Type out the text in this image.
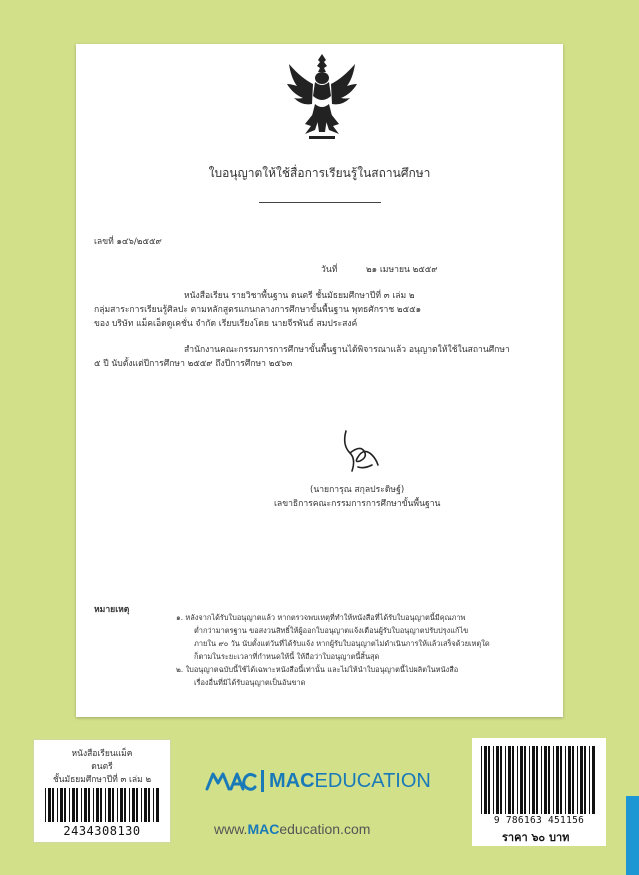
ใบอนุญาตให้ใช้สื่อการเรียนรู้ในสถานศึกษา
เลขที่ ๑๔๖/๒๕๕๙
วันที่	๒๑ เมษายน ๒๕๕๙
หนังสือเรียน รายวิชาพื้นฐาน ดนตรี ชั้นมัธยมศึกษาปีที่ ๓ เล่ม ๒
กลุ่มสาระการเรียนรู้ศิลปะ ตามหลักสูตรแกนกลางการศึกษาขั้นพื้นฐาน พุทธศักราช ๒๕๕๑
ของ บริษัท แม็คเอ็ดดูเคชั่น จำกัด เรียบเรียงโดย นายจีรพันธ์ สมประสงค์
สำนักงานคณะกรรมการการศึกษาขั้นพื้นฐานได้พิจารณาแล้ว อนุญาตให้ใช้ในสถานศึกษา
๕ ปี นับตั้งแต่ปีการศึกษา ๒๕๕๙ ถึงปีการศึกษา ๒๕๖๓
(นายการุณ สกุลประดิษฐ์)
เลขาธิการคณะกรรมการการศึกษาขั้นพื้นฐาน
หมายเหตุ
๑. หลังจากได้รับใบอนุญาตแล้ว หากตรวจพบเหตุที่ทำให้หนังสือที่ได้รับใบอนุญาตนี้มีคุณภาพ
ต่ำกว่ามาตรฐาน ขอสงวนสิทธิ์ให้ผู้ออกใบอนุญาตแจ้งเตือนผู้รับใบอนุญาตปรับปรุงแก้ไข
ภายใน ๙๐ วัน นับตั้งแต่วันที่ได้รับแจ้ง หากผู้รับใบอนุญาตไม่ดำเนินการให้แล้วเสร็จด้วยเหตุใด
ก็ตามในระยะเวลาที่กำหนดให้นี้ ให้ถือว่าใบอนุญาตนี้สิ้นสุด
๒. ใบอนุญาตฉบับนี้ใช้ได้เฉพาะหนังสือนี้เท่านั้น และไม่ให้นำใบอนุญาตนี้ไปผลิตในหนังสือ
เรื่องอื่นที่มิได้รับอนุญาตเป็นอันขาด
หนังสือเรียนแม็ค
ดนตรี
ชั้นมัธยมศึกษาปีที่ ๓ เล่ม ๒
2434308130
MACEDUCATION
www.MACeducation.com
9 786163 451156
ราคา ๖๐ บาท
